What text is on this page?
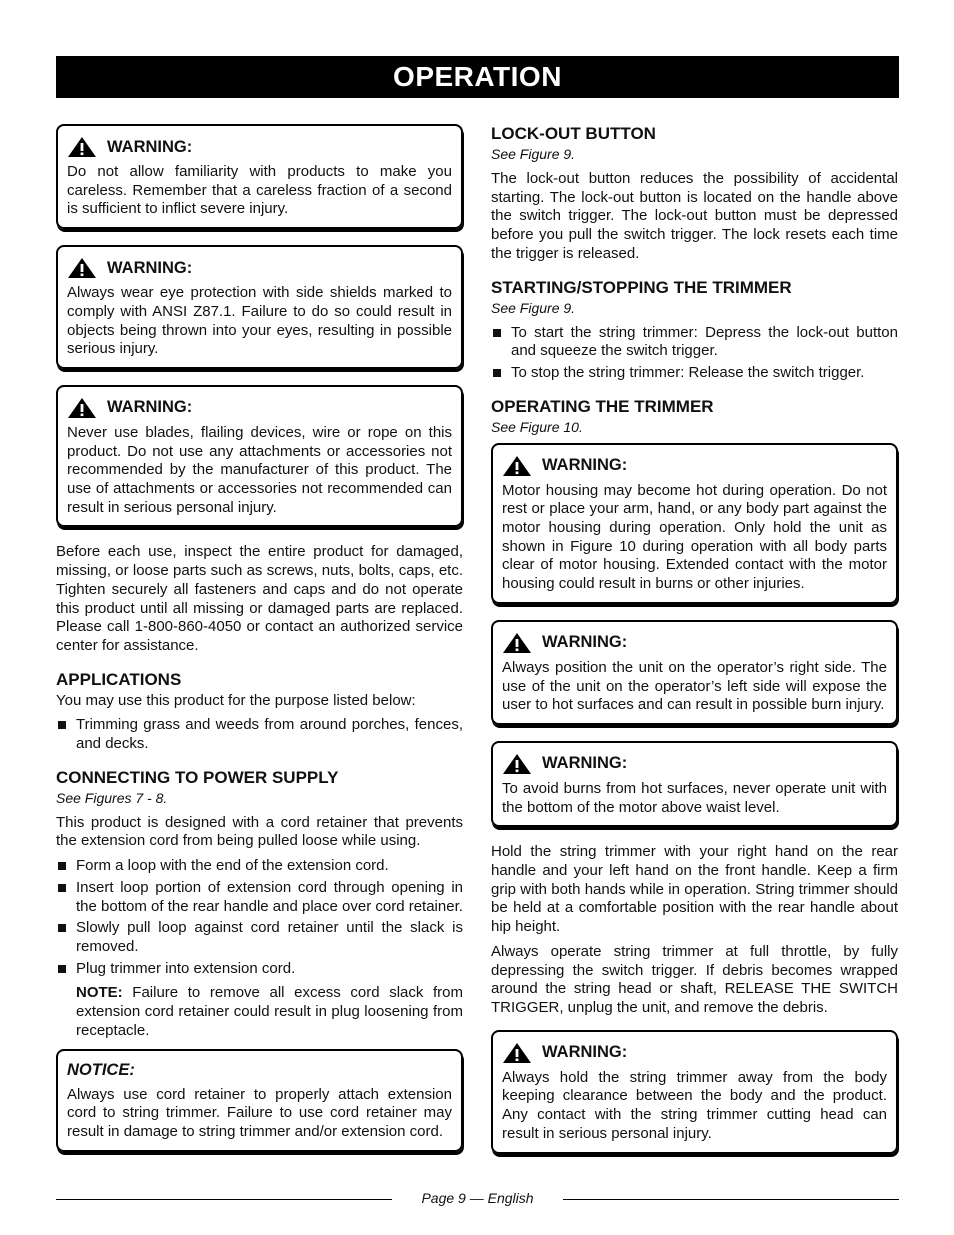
OPERATION
WARNING:

Do not allow familiarity with products to make you careless. Remember that a careless fraction of a second is sufficient to inflict severe injury.

WARNING:

Always wear eye protection with side shields marked to comply with ANSI Z87.1. Failure to do so could result in objects being thrown into your eyes, resulting in possible serious injury.

WARNING:

Never use blades, flailing devices, wire or rope on this product. Do not use any attachments or accessories not recommended by the manufacturer of this product. The use of attachments or accessories not recommended can result in serious personal injury.

Before each use, inspect the entire product for damaged, missing, or loose parts such as screws, nuts, bolts, caps, etc. Tighten securely all fasteners and caps and do not operate this product until all missing or damaged parts are replaced. Please call 1-800-860-4050 or contact an authorized service center for assistance.

APPLICATIONS

You may use this product for the purpose listed below:

Trimming grass and weeds from around porches, fences, and decks.
CONNECTING TO POWER SUPPLY
See Figures 7 - 8.

This product is designed with a cord retainer that prevents the extension cord from being pulled loose while using.

Form a loop with the end of the extension cord.
Insert loop portion of extension cord through opening in the bottom of the rear handle and place over cord retainer.
Slowly pull loop against cord retainer until the slack is removed.
Plug trimmer into extension cord.
NOTE: Failure to remove all excess cord slack from extension cord retainer could result in plug loosening from receptacle.
NOTICE:

Always use cord retainer to properly attach extension cord to string trimmer. Failure to use cord retainer may result in damage to string trimmer and/or extension cord.

LOCK-OUT BUTTON
See Figure 9.

The lock-out button reduces the possibility of accidental starting. The lock-out button is located on the handle above the switch trigger. The lock-out button must be depressed before you pull the switch trigger. The lock resets each time the trigger is released.

STARTING/STOPPING THE TRIMMER
See Figure 9.
To start the string trimmer: Depress the lock-out button and squeeze the switch trigger.
To stop the string trimmer: Release the switch trigger.
OPERATING THE TRIMMER
See Figure 10.
WARNING:

Motor housing may become hot during operation. Do not rest or place your arm, hand, or any body part against the motor housing during operation. Only hold the unit as shown in Figure 10 during operation with all body parts clear of motor housing. Extended contact with the motor housing could result in burns or other injuries.

WARNING:

Always position the unit on the operator’s right side. The use of the unit on the operator’s left side will expose the user to hot surfaces and can result in possible burn injury.

WARNING:

To avoid burns from hot surfaces, never operate unit with the bottom of the motor above waist level.

Hold the string trimmer with your right hand on the rear handle and your left hand on the front handle. Keep a firm grip with both hands while in operation. String trimmer should be held at a comfortable position with the rear handle about hip height.

Always operate string trimmer at full throttle, by fully depressing the switch trigger. If debris becomes wrapped around the string head or shaft, RELEASE THE SWITCH TRIGGER, unplug the unit, and remove the debris.

WARNING:

Always hold the string trimmer away from the body keeping clearance between the body and the product. Any contact with the string trimmer cutting head can result in serious personal injury.

Page 9 — English
